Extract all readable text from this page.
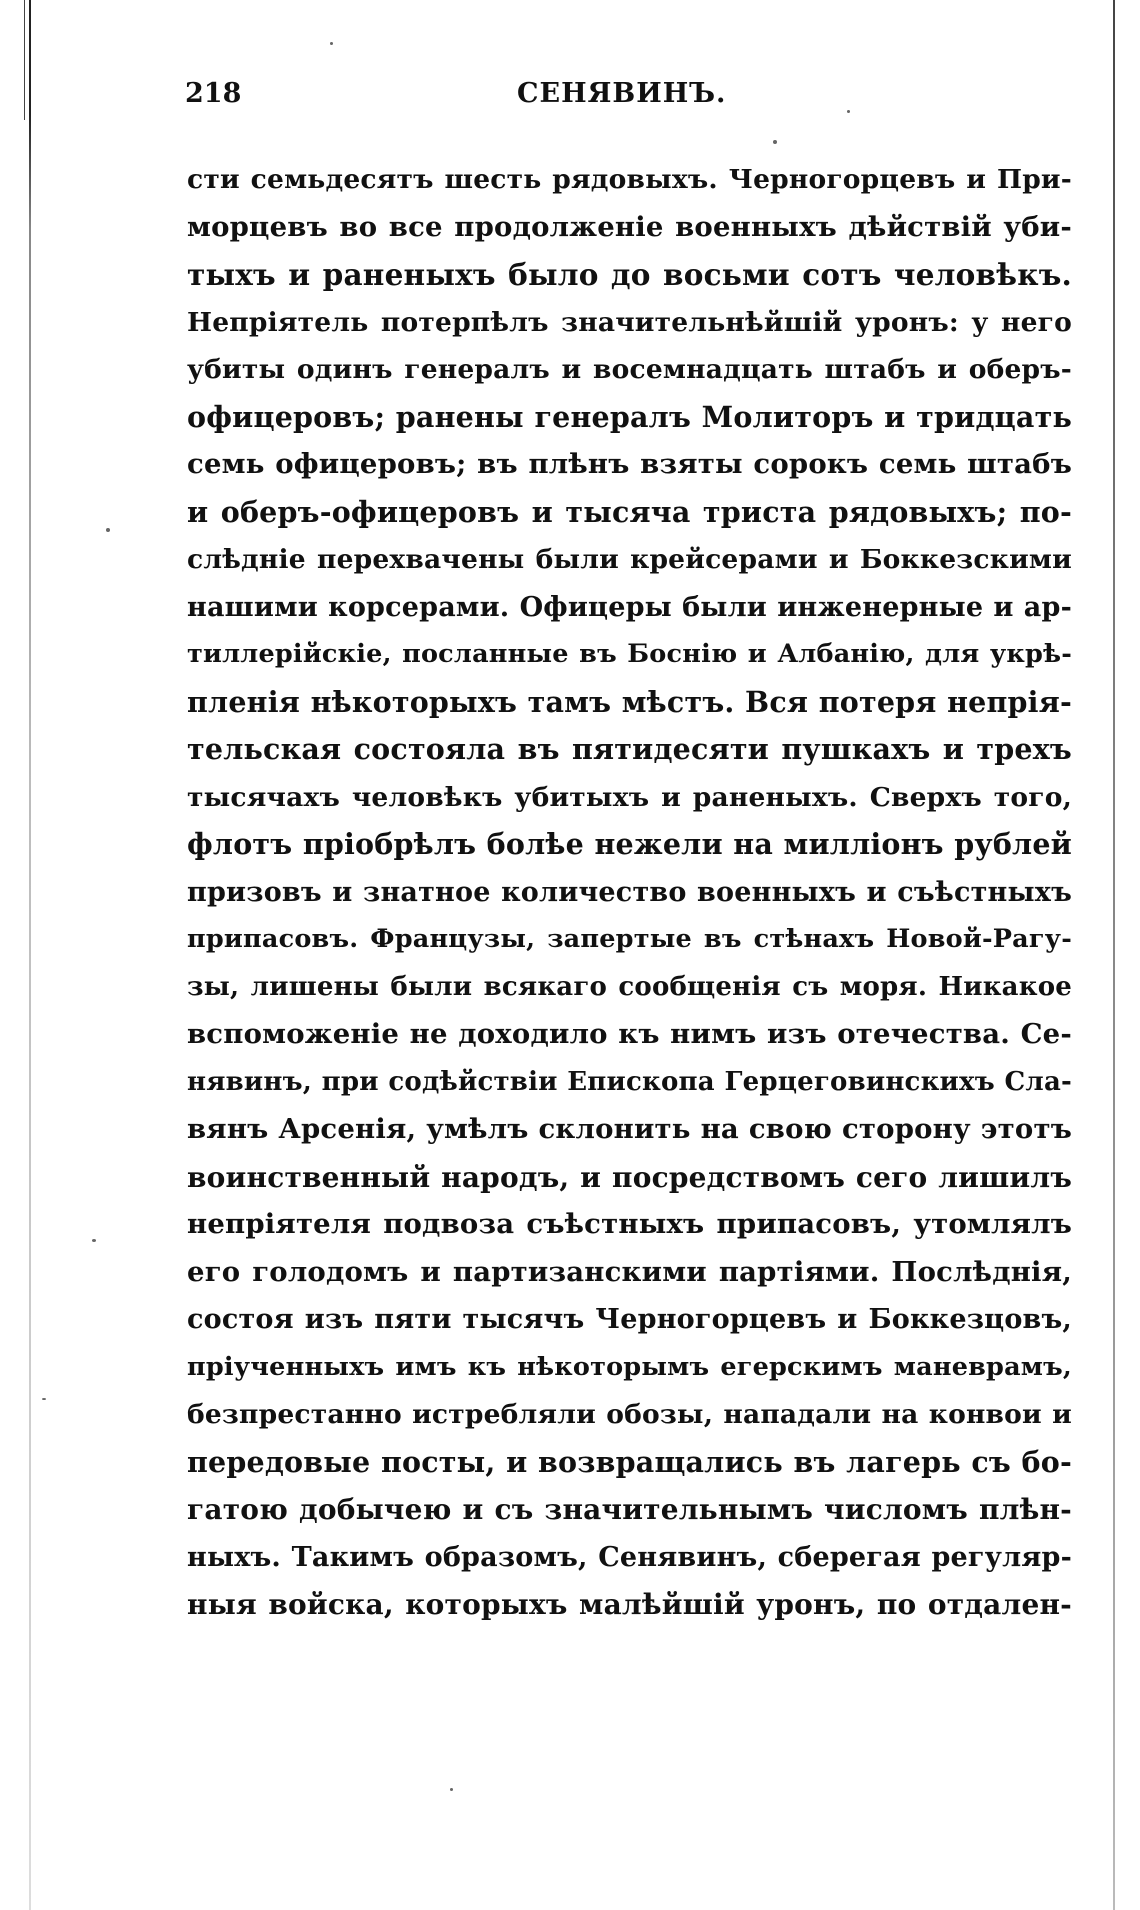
218	СЕНЯВИНЪ.
сти семьдесятъ шесть рядовыхъ. Черногорцевъ и При-
морцевъ во все продолженіе военныхъ дѣйствій уби-
тыхъ и раненыхъ было до восьми сотъ человѣкъ.
Непріятель потерпѣлъ значительнѣйшій уронъ: у него
убиты одинъ генералъ и восемнадцать штабъ и оберъ-
офицеровъ; ранены генералъ Молиторъ и тридцать
семь офицеровъ; въ плѣнъ взяты сорокъ семь штабъ
и оберъ-офицеровъ и тысяча триста рядовыхъ; по-
слѣдніе перехвачены были крейсерами и Боккезскими
нашими корсерами. Офицеры были инженерные и ар-
тиллерійскіе, посланные въ Боснію и Албанію, для укрѣ-
пленія нѣкоторыхъ тамъ мѣстъ. Вся потеря непрія-
тельская состояла въ пятидесяти пушкахъ и трехъ
тысячахъ человѣкъ убитыхъ и раненыхъ. Сверхъ того,
флотъ пріобрѣлъ болѣе нежели на милліонъ рублей
призовъ и знатное количество военныхъ и съѣстныхъ
припасовъ. Французы, запертые въ стѣнахъ Новой-Рагу-
зы, лишены были всякаго сообщенія съ моря. Никакое
вспоможеніе не доходило къ нимъ изъ отечества. Се-
нявинъ, при содѣйствіи Епископа Герцеговинскихъ Сла-
вянъ Арсенія, умѣлъ склонить на свою сторону этотъ
воинственный народъ, и посредствомъ сего лишилъ
непріятеля подвоза съѣстныхъ припасовъ, утомлялъ
его голодомъ и партизанскими партіями. Послѣднія,
состоя изъ пяти тысячъ Черногорцевъ и Боккезцовъ,
пріученныхъ имъ къ нѣкоторымъ егерскимъ маневрамъ,
безпрестанно истребляли обозы, нападали на конвои и
передовые посты, и возвращались въ лагерь съ бо-
гатою добычею и съ значительнымъ числомъ плѣн-
ныхъ. Такимъ образомъ, Сенявинъ, сберегая регуляр-
ныя войска, которыхъ малѣйшій уронъ, по отдален-
